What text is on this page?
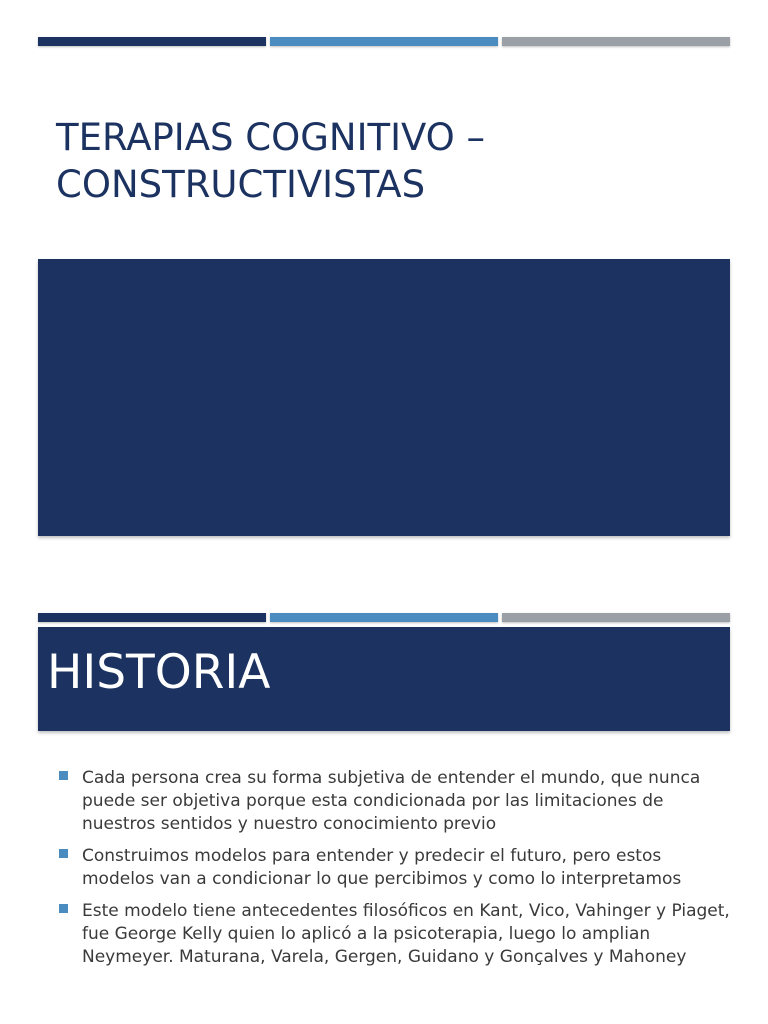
TERAPIAS COGNITIVO –
CONSTRUCTIVISTAS
HISTORIA
Cada persona crea su forma subjetiva de entender el mundo, que nunca puede ser objetiva porque esta condicionada por las limitaciones de nuestros sentidos y nuestro conocimiento previo
Construimos modelos para entender y predecir el futuro, pero estos modelos van a condicionar lo que percibimos y como lo interpretamos
Este modelo tiene antecedentes filosóficos en Kant, Vico, Vahinger y Piaget, fue George Kelly quien lo aplicó a la psicoterapia, luego lo amplian Neymeyer. Maturana, Varela, Gergen, Guidano y Gonçalves y Mahoney
